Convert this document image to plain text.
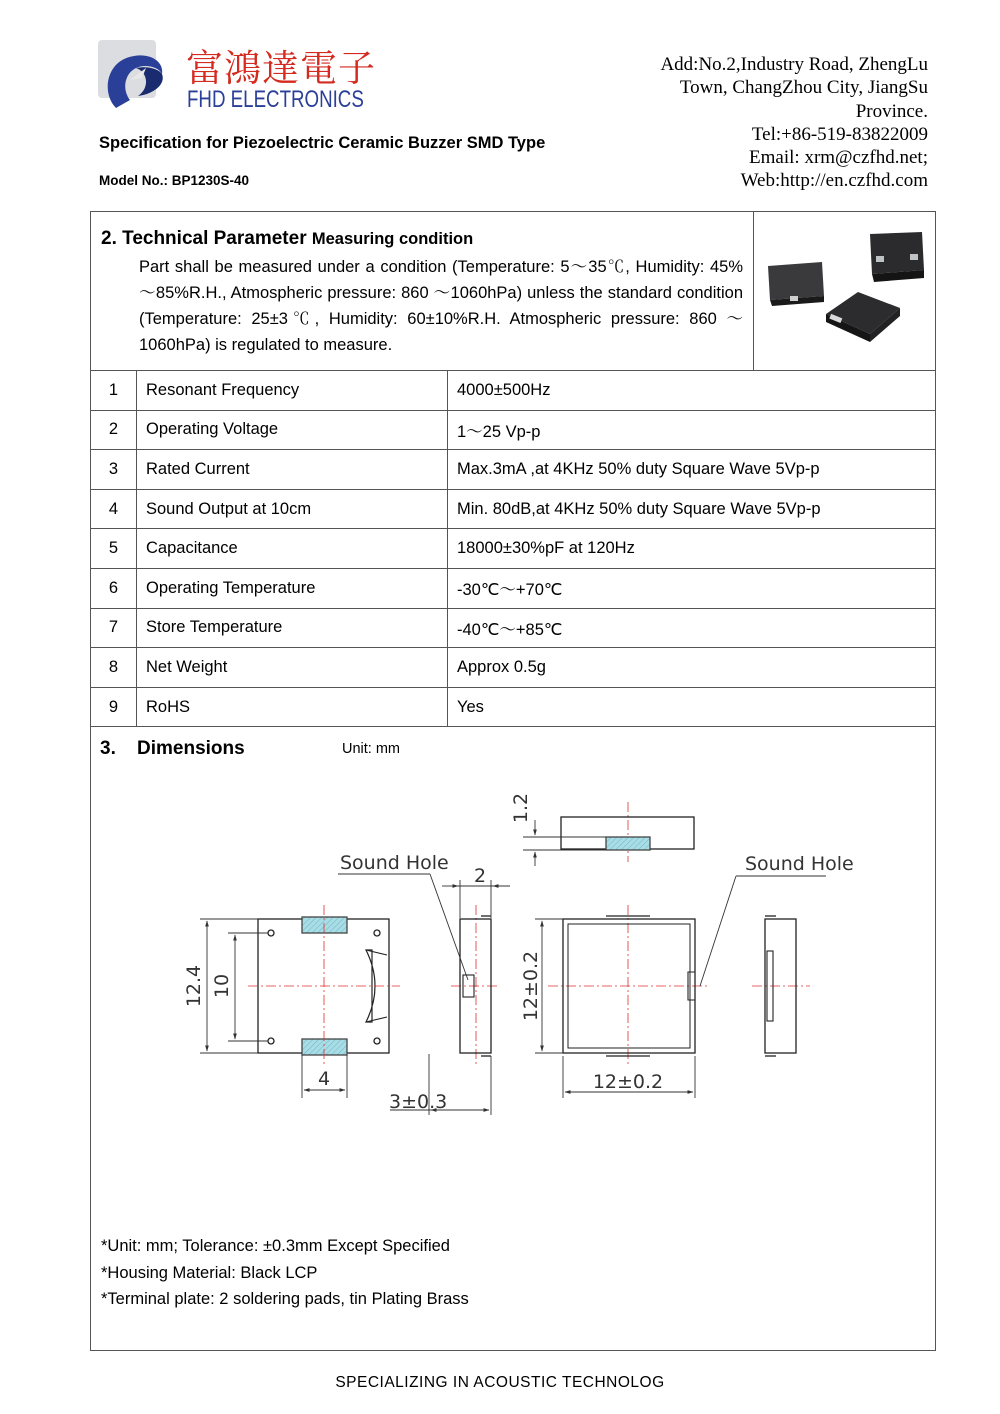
富鴻達電子
FHD ELECTRONICS
Specification for Piezoelectric Ceramic Buzzer SMD Type
Model No.: BP1230S-40
Add:No.2,Industry Road, ZhengLu
Town, ChangZhou City, JiangSu
Province.
Tel:+86-519-83822009
Email: xrm@czfhd.net;
Web:http://en.czfhd.com
2. Technical Parameter Measuring condition
Part shall be measured under a condition (Temperature: 5～35℃, Humidity: 45%～85%R.H., Atmospheric pressure: 860 ～1060hPa) unless the standard condition (Temperature: 25±3℃, Humidity: 60±10%R.H. Atmospheric pressure: 860 ～1060hPa) is regulated to measure.
1	Resonant Frequency	4000±500Hz
2	Operating Voltage	1～25 Vp-p
3	Rated Current	Max.3mA ,at 4KHz 50% duty Square Wave 5Vp-p
4	Sound Output at 10cm	Min. 80dB,at 4KHz 50% duty Square Wave 5Vp-p
5	Capacitance	18000±30%pF at 120Hz
6	Operating Temperature	-30℃～+70℃
7	Store Temperature	-40℃～+85℃
8	Net Weight	Approx 0.5g
9	RoHS	Yes
3. Dimensions	Unit: mm
12.4 10
4
2
Sound Hole
3±0.3
12±0.2
12±0.2
Sound Hole
1.2
*Unit: mm; Tolerance: ±0.3mm Except Specified
*Housing Material: Black LCP
*Terminal plate: 2 soldering pads, tin Plating Brass
SPECIALIZING IN ACOUSTIC TECHNOLOG
